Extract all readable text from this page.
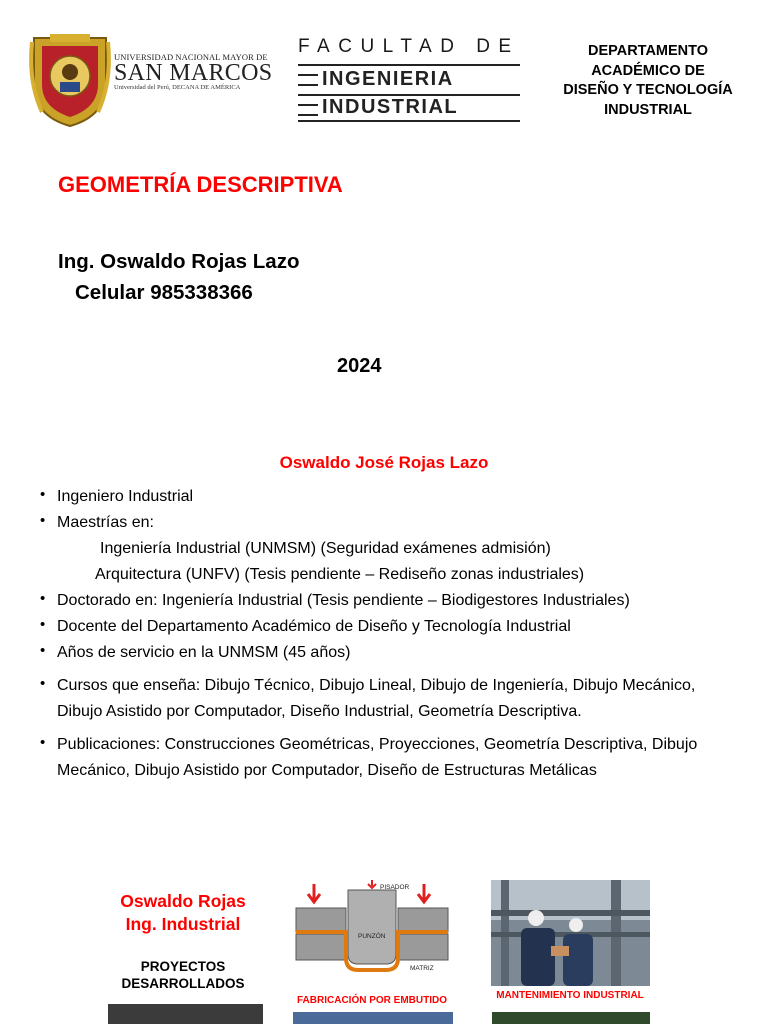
UNIVERSIDAD NACIONAL MAYOR DE
SAN MARCOS
Universidad del Perú, DECANA DE AMÉRICA
FACULTAD DE
INGENIERIA
INDUSTRIAL
DEPARTAMENTO
ACADÉMICO DE
DISEÑO Y TECNOLOGÍA
INDUSTRIAL
GEOMETRÍA DESCRIPTIVA
Ing. Oswaldo Rojas Lazo
Celular 985338366
2024
Oswaldo José Rojas Lazo
• Ingeniero Industrial
• Maestrías en:
Ingeniería Industrial (UNMSM) (Seguridad exámenes admisión)
Arquitectura (UNFV) (Tesis pendiente – Rediseño zonas industriales)
• Doctorado en: Ingeniería Industrial (Tesis pendiente – Biodigestores Industriales)
• Docente del Departamento Académico de Diseño y Tecnología Industrial
• Años de servicio en la UNMSM (45 años)
• Cursos que enseña: Dibujo Técnico, Dibujo Lineal, Dibujo de Ingeniería, Dibujo Mecánico, Dibujo Asistido por Computador, Diseño Industrial, Geometría Descriptiva.
• Publicaciones: Construcciones Geométricas, Proyecciones, Geometría Descriptiva, Dibujo Mecánico, Dibujo Asistido por Computador, Diseño de Estructuras Metálicas
Oswaldo Rojas
Ing. Industrial
PROYECTOS
DESARROLLADOS
PISADOR
PUNZÓN
MATRIZ
FABRICACIÓN POR EMBUTIDO	MANTENIMIENTO INDUSTRIAL
